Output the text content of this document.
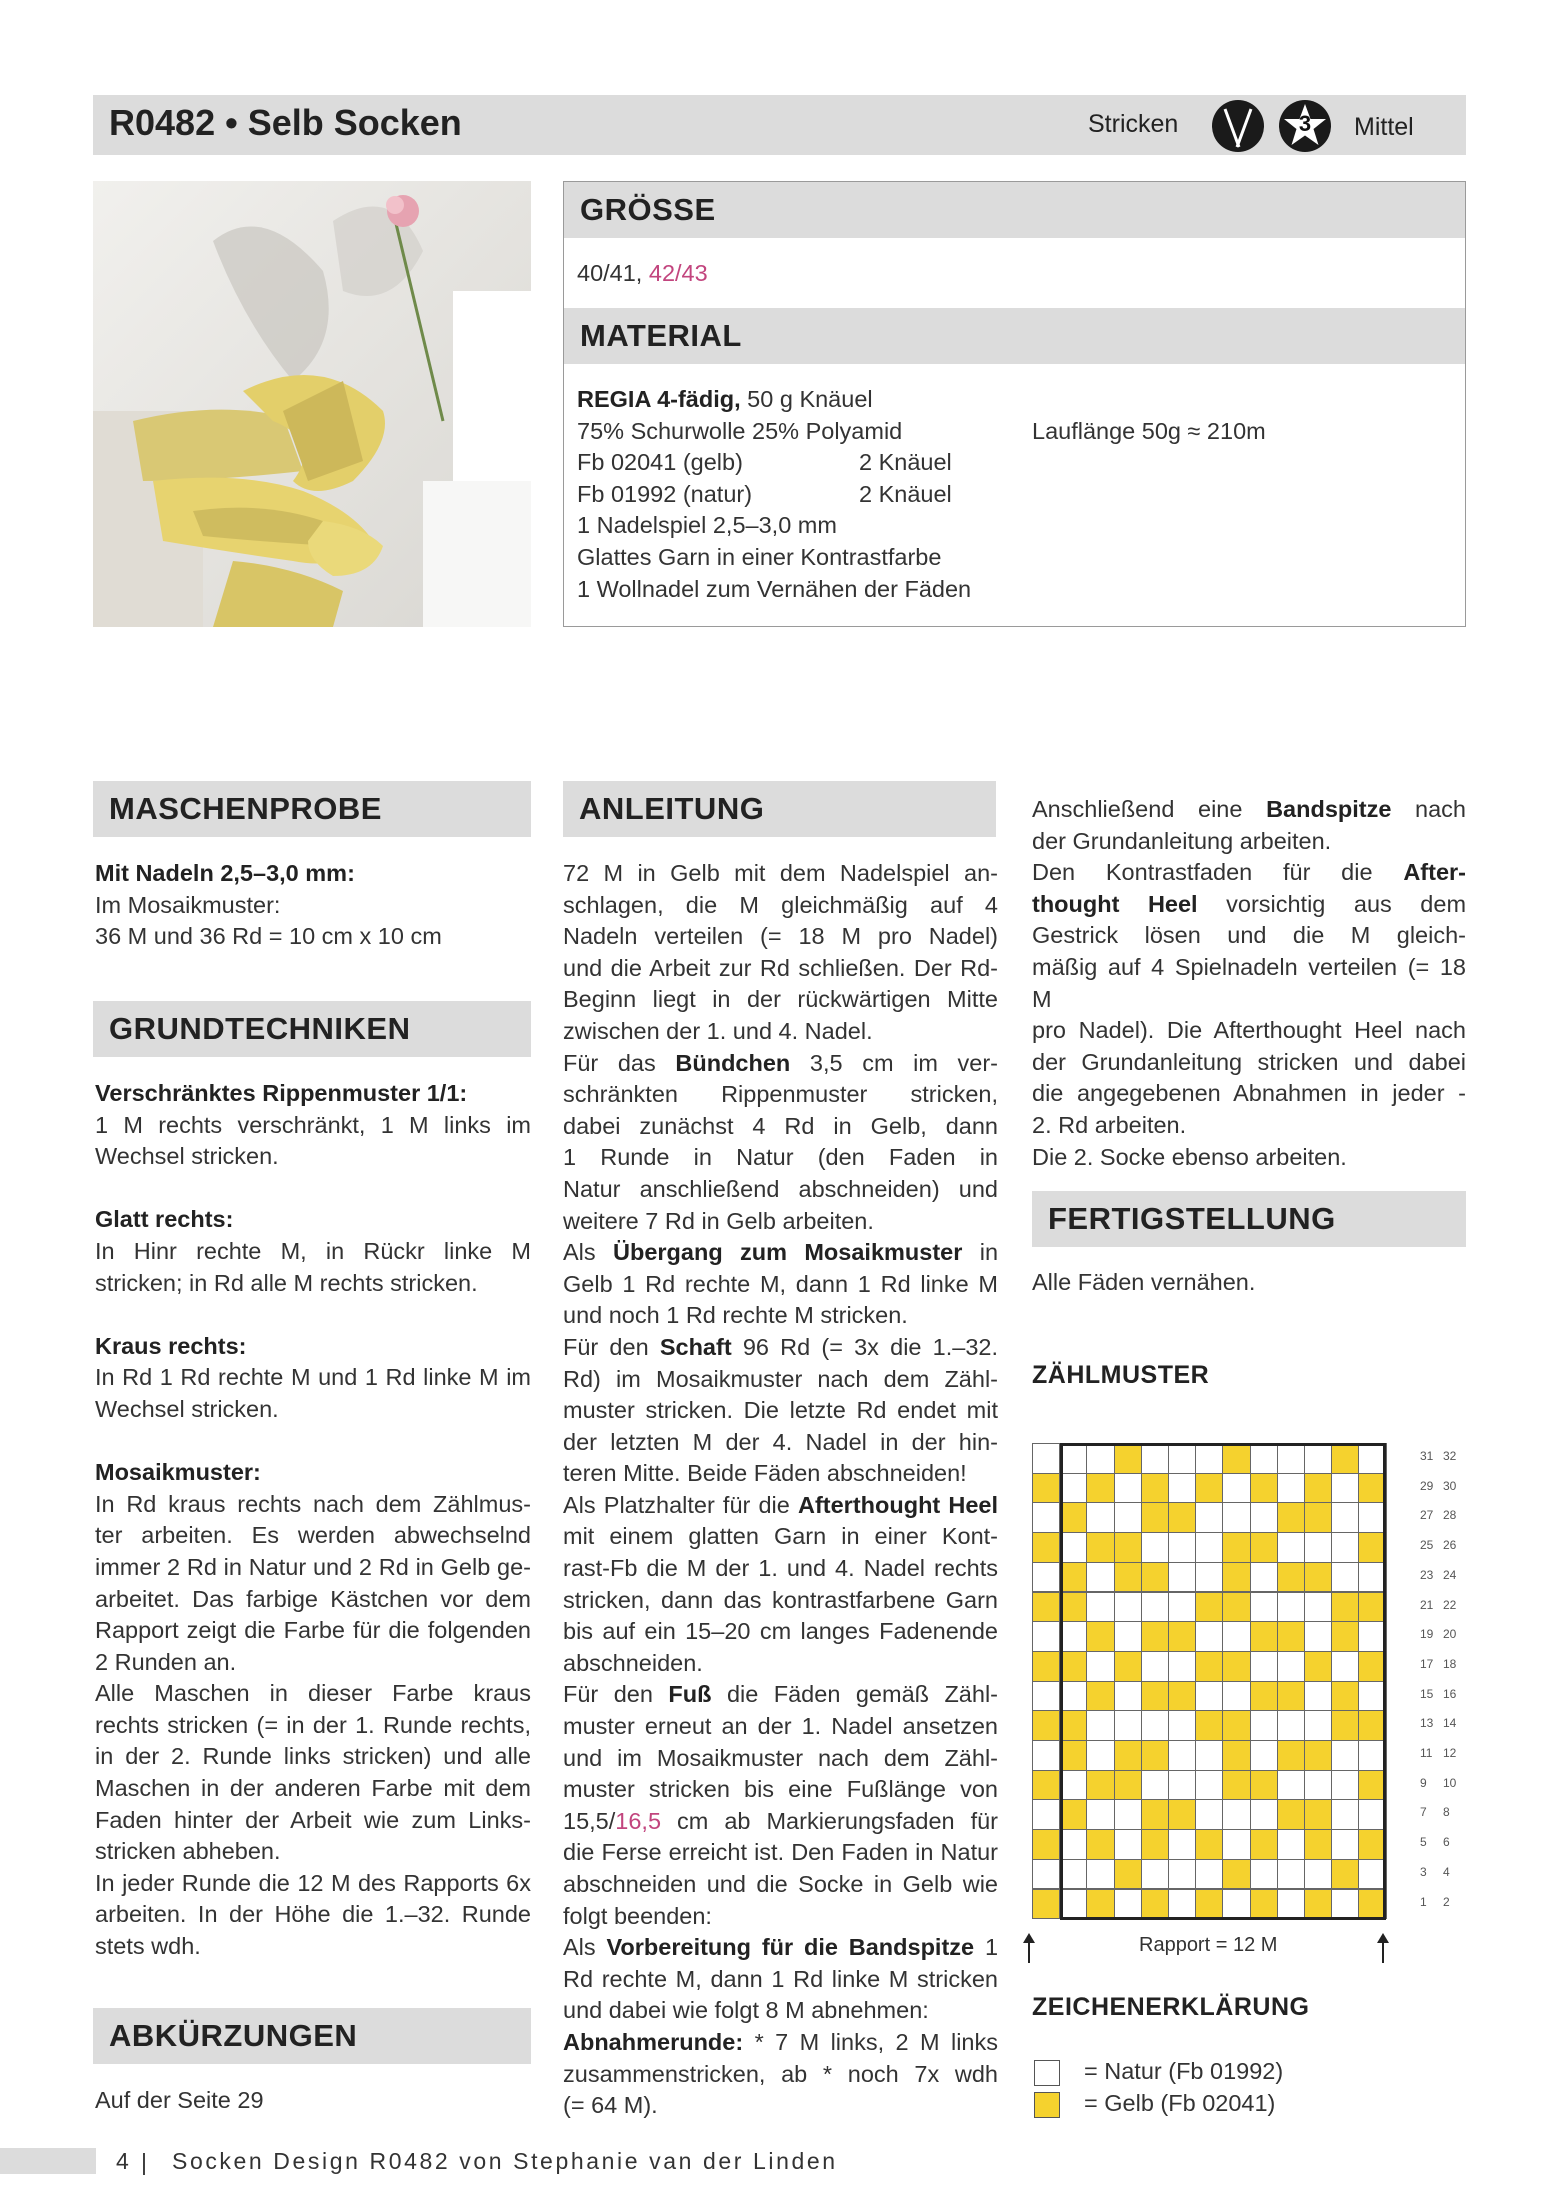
R0482 • Selb Socken	Stricken	3	Mittel
GRÖSSE
40/41, 42/43
MATERIAL
REGIA 4-fädig, 50 g Knäuel
75% Schurwolle 25% Polyamid
Fb 02041 (gelb)	2 Knäuel
Fb 01992 (natur)	2 Knäuel
1 Nadelspiel 2,5–3,0 mm
Glattes Garn in einer Kontrastfarbe
1 Wollnadel zum Vernähen der Fäden
Lauflänge 50g ≈ 210m
MASCHENPROBE
Mit Nadeln 2,5–3,0 mm:
Im Mosaikmuster:
36 M und 36 Rd = 10 cm x 10 cm
GRUNDTECHNIKEN
Verschränktes Rippenmuster 1/1:
1 M rechts verschränkt, 1 M links im
Wechsel stricken.
Glatt rechts:
In Hinr rechte M, in Rückr linke M
stricken; in Rd alle M rechts stricken.
Kraus rechts:
In Rd 1 Rd rechte M und 1 Rd linke M im
Wechsel stricken.
Mosaikmuster:
In Rd kraus rechts nach dem Zählmus-
ter arbeiten. Es werden abwechselnd
immer 2 Rd in Natur und 2 Rd in Gelb ge-
arbeitet. Das farbige Kästchen vor dem
Rapport zeigt die Farbe für die folgenden
2 Runden an.
Alle Maschen in dieser Farbe kraus
rechts stricken (= in der 1. Runde rechts,
in der 2. Runde links stricken) und alle
Maschen in der anderen Farbe mit dem
Faden hinter der Arbeit wie zum Links-
stricken abheben.
In jeder Runde die 12 M des Rapports 6x
arbeiten. In der Höhe die 1.–32. Runde
stets wdh.
ABKÜRZUNGEN
Auf der Seite 29
ANLEITUNG
72 M in Gelb mit dem Nadelspiel an-
schlagen, die M gleichmäßig auf 4
Nadeln verteilen (= 18 M pro Nadel)
und die Arbeit zur Rd schließen. Der Rd-
Beginn liegt in der rückwärtigen Mitte
zwischen der 1. und 4. Nadel.
Für das Bündchen 3,5 cm im ver-
schränkten Rippenmuster stricken,
dabei zunächst 4 Rd in Gelb, dann
1 Runde in Natur (den Faden in
Natur anschließend abschneiden) und
weitere 7 Rd in Gelb arbeiten.
Als Übergang zum Mosaikmuster in
Gelb 1 Rd rechte M, dann 1 Rd linke M
und noch 1 Rd rechte M stricken.
Für den Schaft 96 Rd (= 3x die 1.–32.
Rd) im Mosaikmuster nach dem Zähl-
muster stricken. Die letzte Rd endet mit
der letzten M der 4. Nadel in der hin-
teren Mitte. Beide Fäden abschneiden!
Als Platzhalter für die Afterthought Heel
mit einem glatten Garn in einer Kont-
rast-Fb die M der 1. und 4. Nadel rechts
stricken, dann das kontrastfarbene Garn
bis auf ein 15–20 cm langes Fadenende
abschneiden.
Für den Fuß die Fäden gemäß Zähl-
muster erneut an der 1. Nadel ansetzen
und im Mosaikmuster nach dem Zähl-
muster stricken bis eine Fußlänge von
15,5/16,5 cm ab Markierungsfaden für
die Ferse erreicht ist. Den Faden in Natur
abschneiden und die Socke in Gelb wie
folgt beenden:
Als Vorbereitung für die Bandspitze 1
Rd rechte M, dann 1 Rd linke M stricken
und dabei wie folgt 8 M abnehmen:
Abnahmerunde: * 7 M links, 2 M links
zusammenstricken, ab * noch 7x wdh
(= 64 M).
Anschließend eine Bandspitze nach
der Grundanleitung arbeiten.
Den Kontrastfaden für die After-
thought Heel vorsichtig aus dem
Gestrick lösen und die M gleich-
mäßig auf 4 Spielnadeln verteilen (= 18 M
pro Nadel). Die Afterthought Heel nach
der Grundanleitung stricken und dabei
die angegebenen Abnahmen in jeder -
2. Rd arbeiten.
Die 2. Socke ebenso arbeiten.
FERTIGSTELLUNG
Alle Fäden vernähen.
ZÄHLMUSTER
31 32
29 30
27 28
25 26
23 24
21 22
19 20
17 18
15 16
13 14
11 12
9 10
7 8
5 6
3 4
1 2
Rapport = 12 M
ZEICHENERKLÄRUNG
= Natur (Fb 01992)
= Gelb (Fb 02041)
4 | Socken Design R0482 von Stephanie van der Linden
